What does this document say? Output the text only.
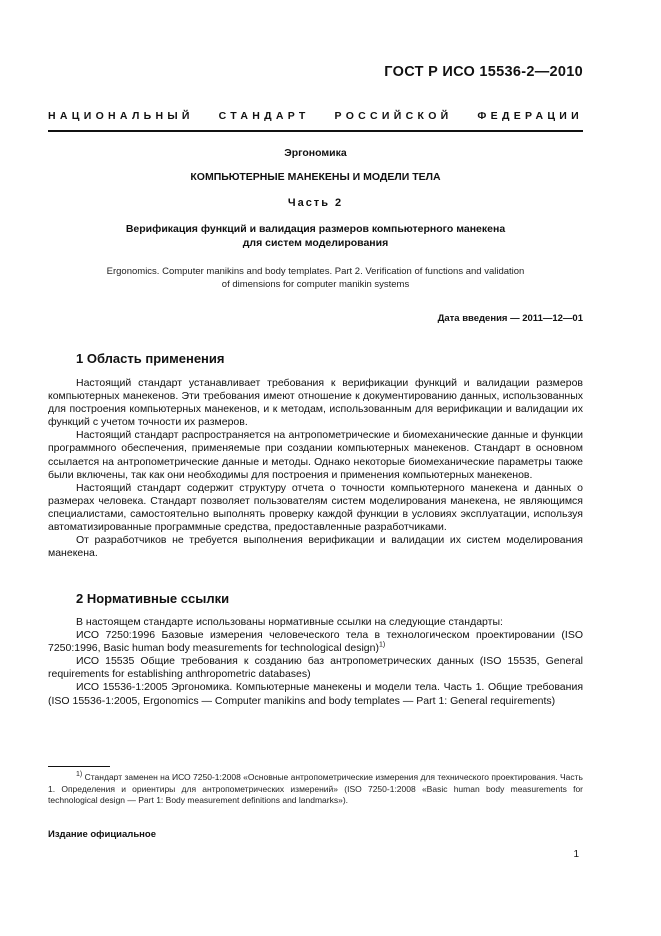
ГОСТ Р ИСО 15536-2—2010
НАЦИОНАЛЬНЫЙ СТАНДАРТ РОССИЙСКОЙ ФЕДЕРАЦИИ
Эргономика
КОМПЬЮТЕРНЫЕ МАНЕКЕНЫ И МОДЕЛИ ТЕЛА
Часть 2
Верификация функций и валидация размеров компьютерного манекена
для систем моделирования
Ergonomics. Computer manikins and body templates. Part 2. Verification of functions and validation
of dimensions for computer manikin systems
Дата введения — 2011—12—01
1 Область применения

Настоящий стандарт устанавливает требования к верификации функций и валидации размеров компьютерных манекенов. Эти требования имеют отношение к документированию данных, использованных для построения компьютерных манекенов, и к методам, использованным для верификации и валидации их функций с учетом точности их размеров.

Настоящий стандарт распространяется на антропометрические и биомеханические данные и функции программного обеспечения, применяемые при создании компьютерных манекенов. Стандарт в основном ссылается на антропометрические данные и методы. Однако некоторые биомеханические параметры также были включены, так как они необходимы для построения и применения компьютерных манекенов.

Настоящий стандарт содержит структуру отчета о точности компьютерного манекена и данных о размерах человека. Стандарт позволяет пользователям систем моделирования манекена, не являющимся специалистами, самостоятельно выполнять проверку каждой функции в условиях эксплуатации, используя автоматизированные программные средства, предоставленные разработчиками.

От разработчиков не требуется выполнения верификации и валидации их систем моделирования манекена.

2 Нормативные ссылки

В настоящем стандарте использованы нормативные ссылки на следующие стандарты:

ИСО 7250:1996 Базовые измерения человеческого тела в технологическом проектировании (ISO 7250:1996, Basic human body measurements for technological design)$^{1)}$

ИСО 15535 Общие требования к созданию баз антропометрических данных (ISO 15535, General requirements for establishing anthropometric databases)

ИСО 15536-1:2005 Эргономика. Компьютерные манекены и модели тела. Часть 1. Общие требования (ISO 15536-1:2005, Ergonomics — Computer manikins and body templates — Part 1: General requirements)

$^{1)}$ Стандарт заменен на ИСО 7250-1:2008 «Основные антропометрические измерения для технического проектирования. Часть 1. Определения и ориентиры для антропометрических измерений» (ISO 7250-1:2008 «Basic human body measurements for technological design — Part 1: Body measurement definitions and landmarks»).

Издание официальное
1
